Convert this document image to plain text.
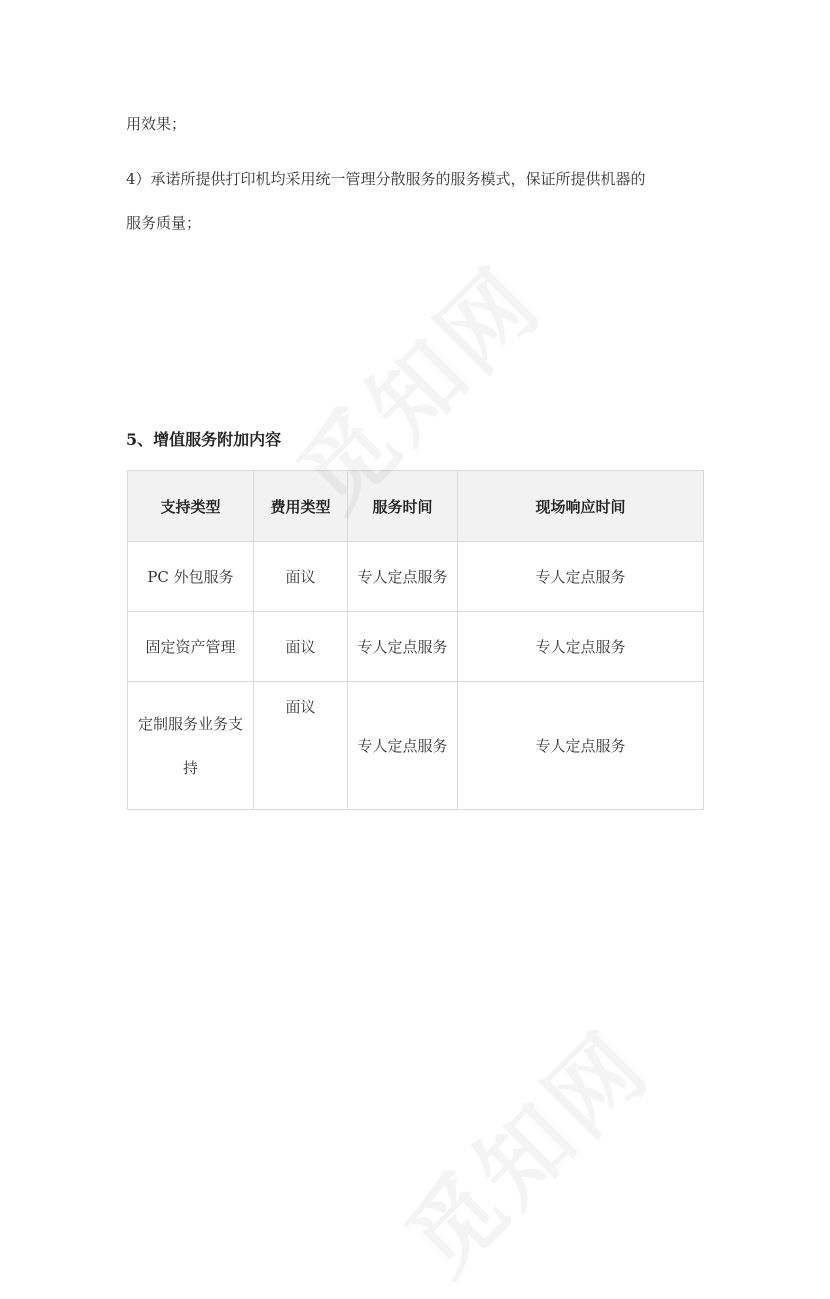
用效果；
4）承诺所提供打印机均采用统一管理分散服务的服务模式，保证所提供机器的
服务质量；
5、增值服务附加内容
支持类型	费用类型	服务时间	现场响应时间
PC 外包服务	面议	专人定点服务	专人定点服务
固定资产管理	面议	专人定点服务	专人定点服务
定制服务业务支持	面议	专人定点服务	专人定点服务
